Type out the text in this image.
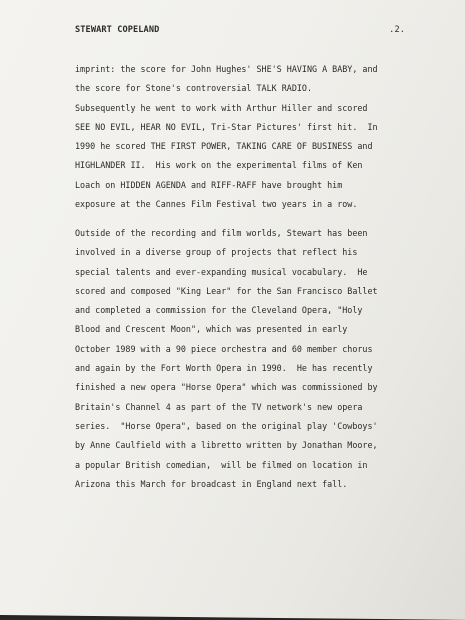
STEWART COPELAND	.2.
imprint: the score for John Hughes' SHE'S HAVING A BABY, and
the score for Stone's controversial TALK RADIO.
Subsequently he went to work with Arthur Hiller and scored
SEE NO EVIL, HEAR NO EVIL, Tri-Star Pictures' first hit.  In
1990 he scored THE FIRST POWER, TAKING CARE OF BUSINESS and
HIGHLANDER II.  His work on the experimental films of Ken
Loach on HIDDEN AGENDA and RIFF-RAFF have brought him
exposure at the Cannes Film Festival two years in a row.
Outside of the recording and film worlds, Stewart has been
involved in a diverse group of projects that reflect his
special talents and ever-expanding musical vocabulary.  He
scored and composed "King Lear" for the San Francisco Ballet
and completed a commission for the Cleveland Opera, "Holy
Blood and Crescent Moon", which was presented in early
October 1989 with a 90 piece orchestra and 60 member chorus
and again by the Fort Worth Opera in 1990.  He has recently
finished a new opera "Horse Opera" which was commissioned by
Britain's Channel 4 as part of the TV network's new opera
series.  "Horse Opera", based on the original play 'Cowboys'
by Anne Caulfield with a libretto written by Jonathan Moore,
a popular British comedian,  will be filmed on location in
Arizona this March for broadcast in England next fall.
